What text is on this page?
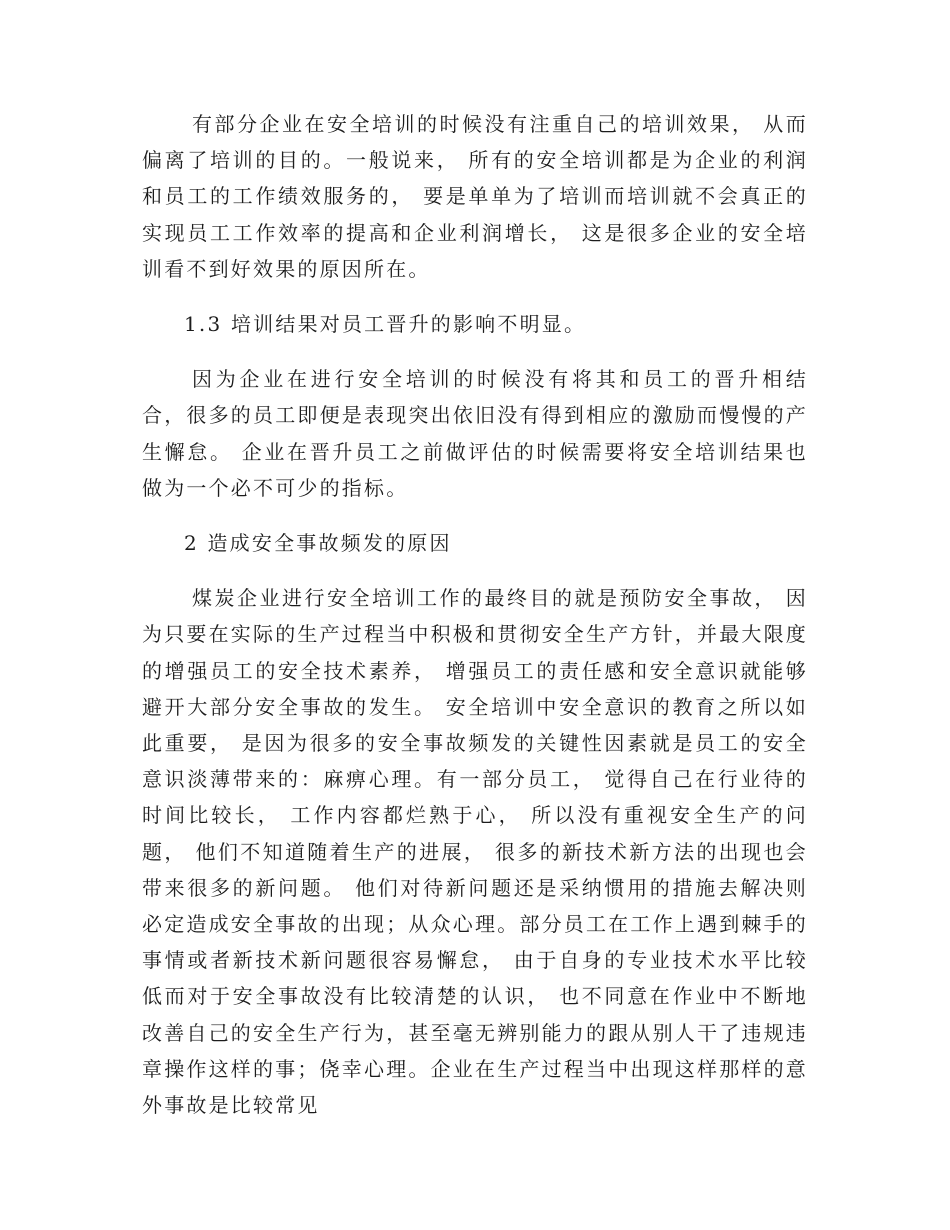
有部分企业在安全培训的时候没有注重自己的培训效果， 从而偏离了培训的目的。一般说来， 所有的安全培训都是为企业的利润和员工的工作绩效服务的， 要是单单为了培训而培训就不会真正的实现员工工作效率的提高和企业利润增长， 这是很多企业的安全培训看不到好效果的原因所在。

1.3 培训结果对员工晋升的影响不明显。

因为企业在进行安全培训的时候没有将其和员工的晋升相结合，很多的员工即便是表现突出依旧没有得到相应的激励而慢慢的产生懈怠。 企业在晋升员工之前做评估的时候需要将安全培训结果也做为一个必不可少的指标。

2 造成安全事故频发的原因

煤炭企业进行安全培训工作的最终目的就是预防安全事故， 因为只要在实际的生产过程当中积极和贯彻安全生产方针，并最大限度的增强员工的安全技术素养， 增强员工的责任感和安全意识就能够避开大部分安全事故的发生。 安全培训中安全意识的教育之所以如此重要， 是因为很多的安全事故频发的关键性因素就是员工的安全意识淡薄带来的：麻痹心理。有一部分员工， 觉得自己在行业待的时间比较长， 工作内容都烂熟于心， 所以没有重视安全生产的问题， 他们不知道随着生产的进展， 很多的新技术新方法的出现也会带来很多的新问题。 他们对待新问题还是采纳惯用的措施去解决则必定造成安全事故的出现；从众心理。部分员工在工作上遇到棘手的事情或者新技术新问题很容易懈怠， 由于自身的专业技术水平比较低而对于安全事故没有比较清楚的认识， 也不同意在作业中不断地改善自己的安全生产行为，甚至毫无辨别能力的跟从别人干了违规违章操作这样的事；侥幸心理。企业在生产过程当中出现这样那样的意外事故是比较常见
